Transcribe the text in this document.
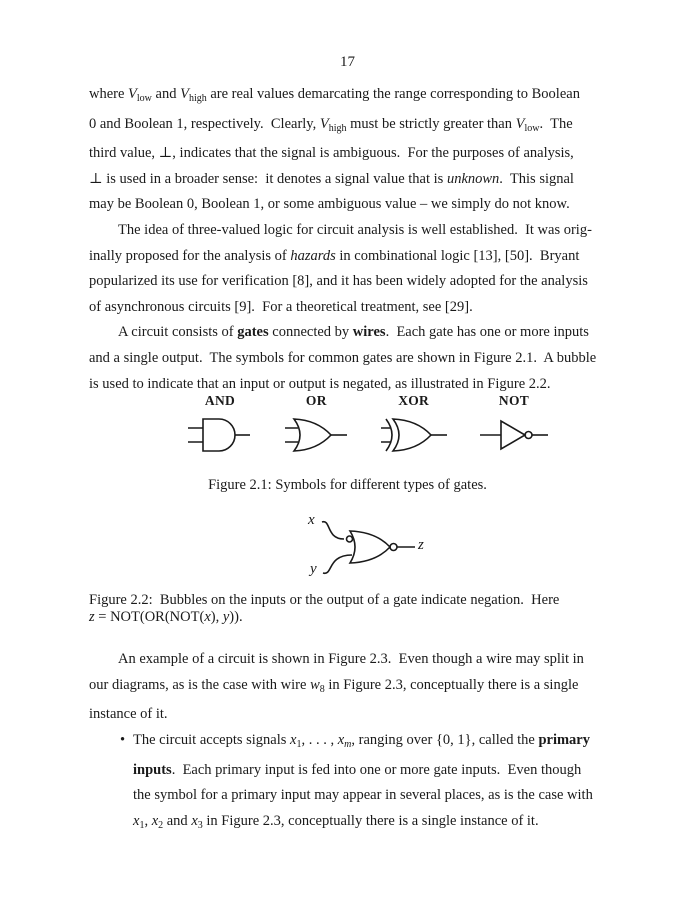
17
where $V_{low}$ and $V_{high}$ are real values demarcating the range corresponding to Boolean
0 and Boolean 1, respectively.  Clearly, $V_{high}$ must be strictly greater than $V_{low}$.  The
third value, ⊥, indicates that the signal is ambiguous.  For the purposes of analysis,
⊥ is used in a broader sense:  it denotes a signal value that is unknown.  This signal
may be Boolean 0, Boolean 1, or some ambiguous value – we simply do not know.
The idea of three-valued logic for circuit analysis is well established.  It was orig-
inally proposed for the analysis of hazards in combinational logic [13], [50].  Bryant
popularized its use for verification [8], and it has been widely adopted for the analysis
of asynchronous circuits [9].  For a theoretical treatment, see [29].
A circuit consists of gates connected by wires.  Each gate has one or more inputs
and a single output.  The symbols for common gates are shown in Figure 2.1.  A bubble
is used to indicate that an input or output is negated, as illustrated in Figure 2.2.
AND	OR	XOR	NOT
Figure 2.1: Symbols for different types of gates.
x
y
z
Figure 2.2:  Bubbles on the inputs or the output of a gate indicate negation.  Here
z = NOT(OR(NOT(x), y)).
An example of a circuit is shown in Figure 2.3.  Even though a wire may split in
our diagrams, as is the case with wire $w_8$ in Figure 2.3, conceptually there is a single
instance of it.
• The circuit accepts signals $x_1$, . . . , $x_m$, ranging over {0, 1}, called the primary
inputs.  Each primary input is fed into one or more gate inputs.  Even though
the symbol for a primary input may appear in several places, as is the case with
$x_1$, $x_2$ and $x_3$ in Figure 2.3, conceptually there is a single instance of it.
